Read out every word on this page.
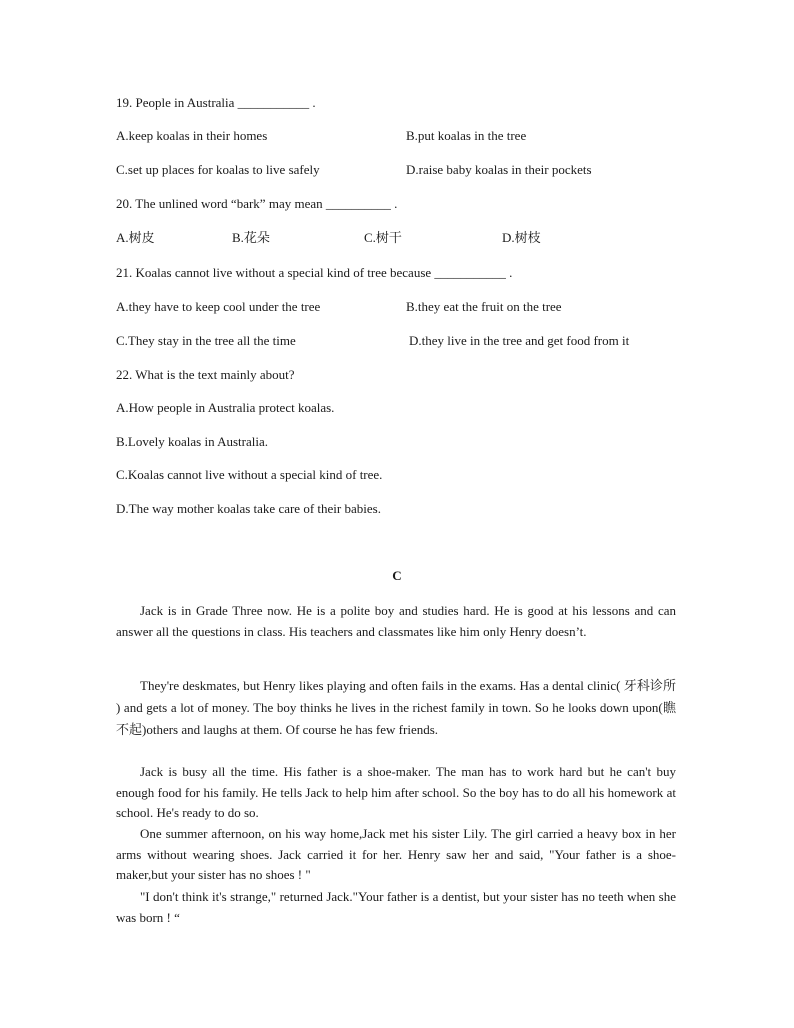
19. People in Australia ___________ .
A.keep koalas in their homes	B.put koalas in the tree
C.set up places for koalas to live safely	D.raise baby koalas in their pockets
20. The unlined word “bark” may mean __________ .
A.树皮	B.花朵	C.树干	D.树枝
21. Koalas cannot live without a special kind of tree because ___________ .
A.they have to keep cool under the tree	B.they eat the fruit on the tree
C.They stay in the tree all the time	D.they live in the tree and get food from it
22. What is the text mainly about?
A.How people in Australia protect koalas.
B.Lovely koalas in Australia.
C.Koalas cannot live without a special kind of tree.
D.The way mother koalas take care of their babies.
C

Jack is in Grade Three now. He is a polite boy and studies hard. He is good at his lessons and can answer all the questions in class. His teachers and classmates like him only Henry doesn’t.

They're deskmates, but Henry likes playing and often fails in the exams. Has a dental clinic( 牙科诊所 ) and gets a lot of money. The boy thinks he lives in the richest family in town. So he looks down upon(瞧不起)others and laughs at them. Of course he has few friends.

Jack is busy all the time. His father is a shoe-maker. The man has to work hard but he can't buy enough food for his family. He tells Jack to help him after school. So the boy has to do all his homework at school. He's ready to do so.

One summer afternoon, on his way home,Jack met his sister Lily. The girl carried a heavy box in her arms without wearing shoes. Jack carried it for her. Henry saw her and said, "Your father is a shoe-maker,but your sister has no shoes ! "

"I don't think it's strange," returned Jack."Your father is a dentist, but your sister has no teeth when she was born ! “
